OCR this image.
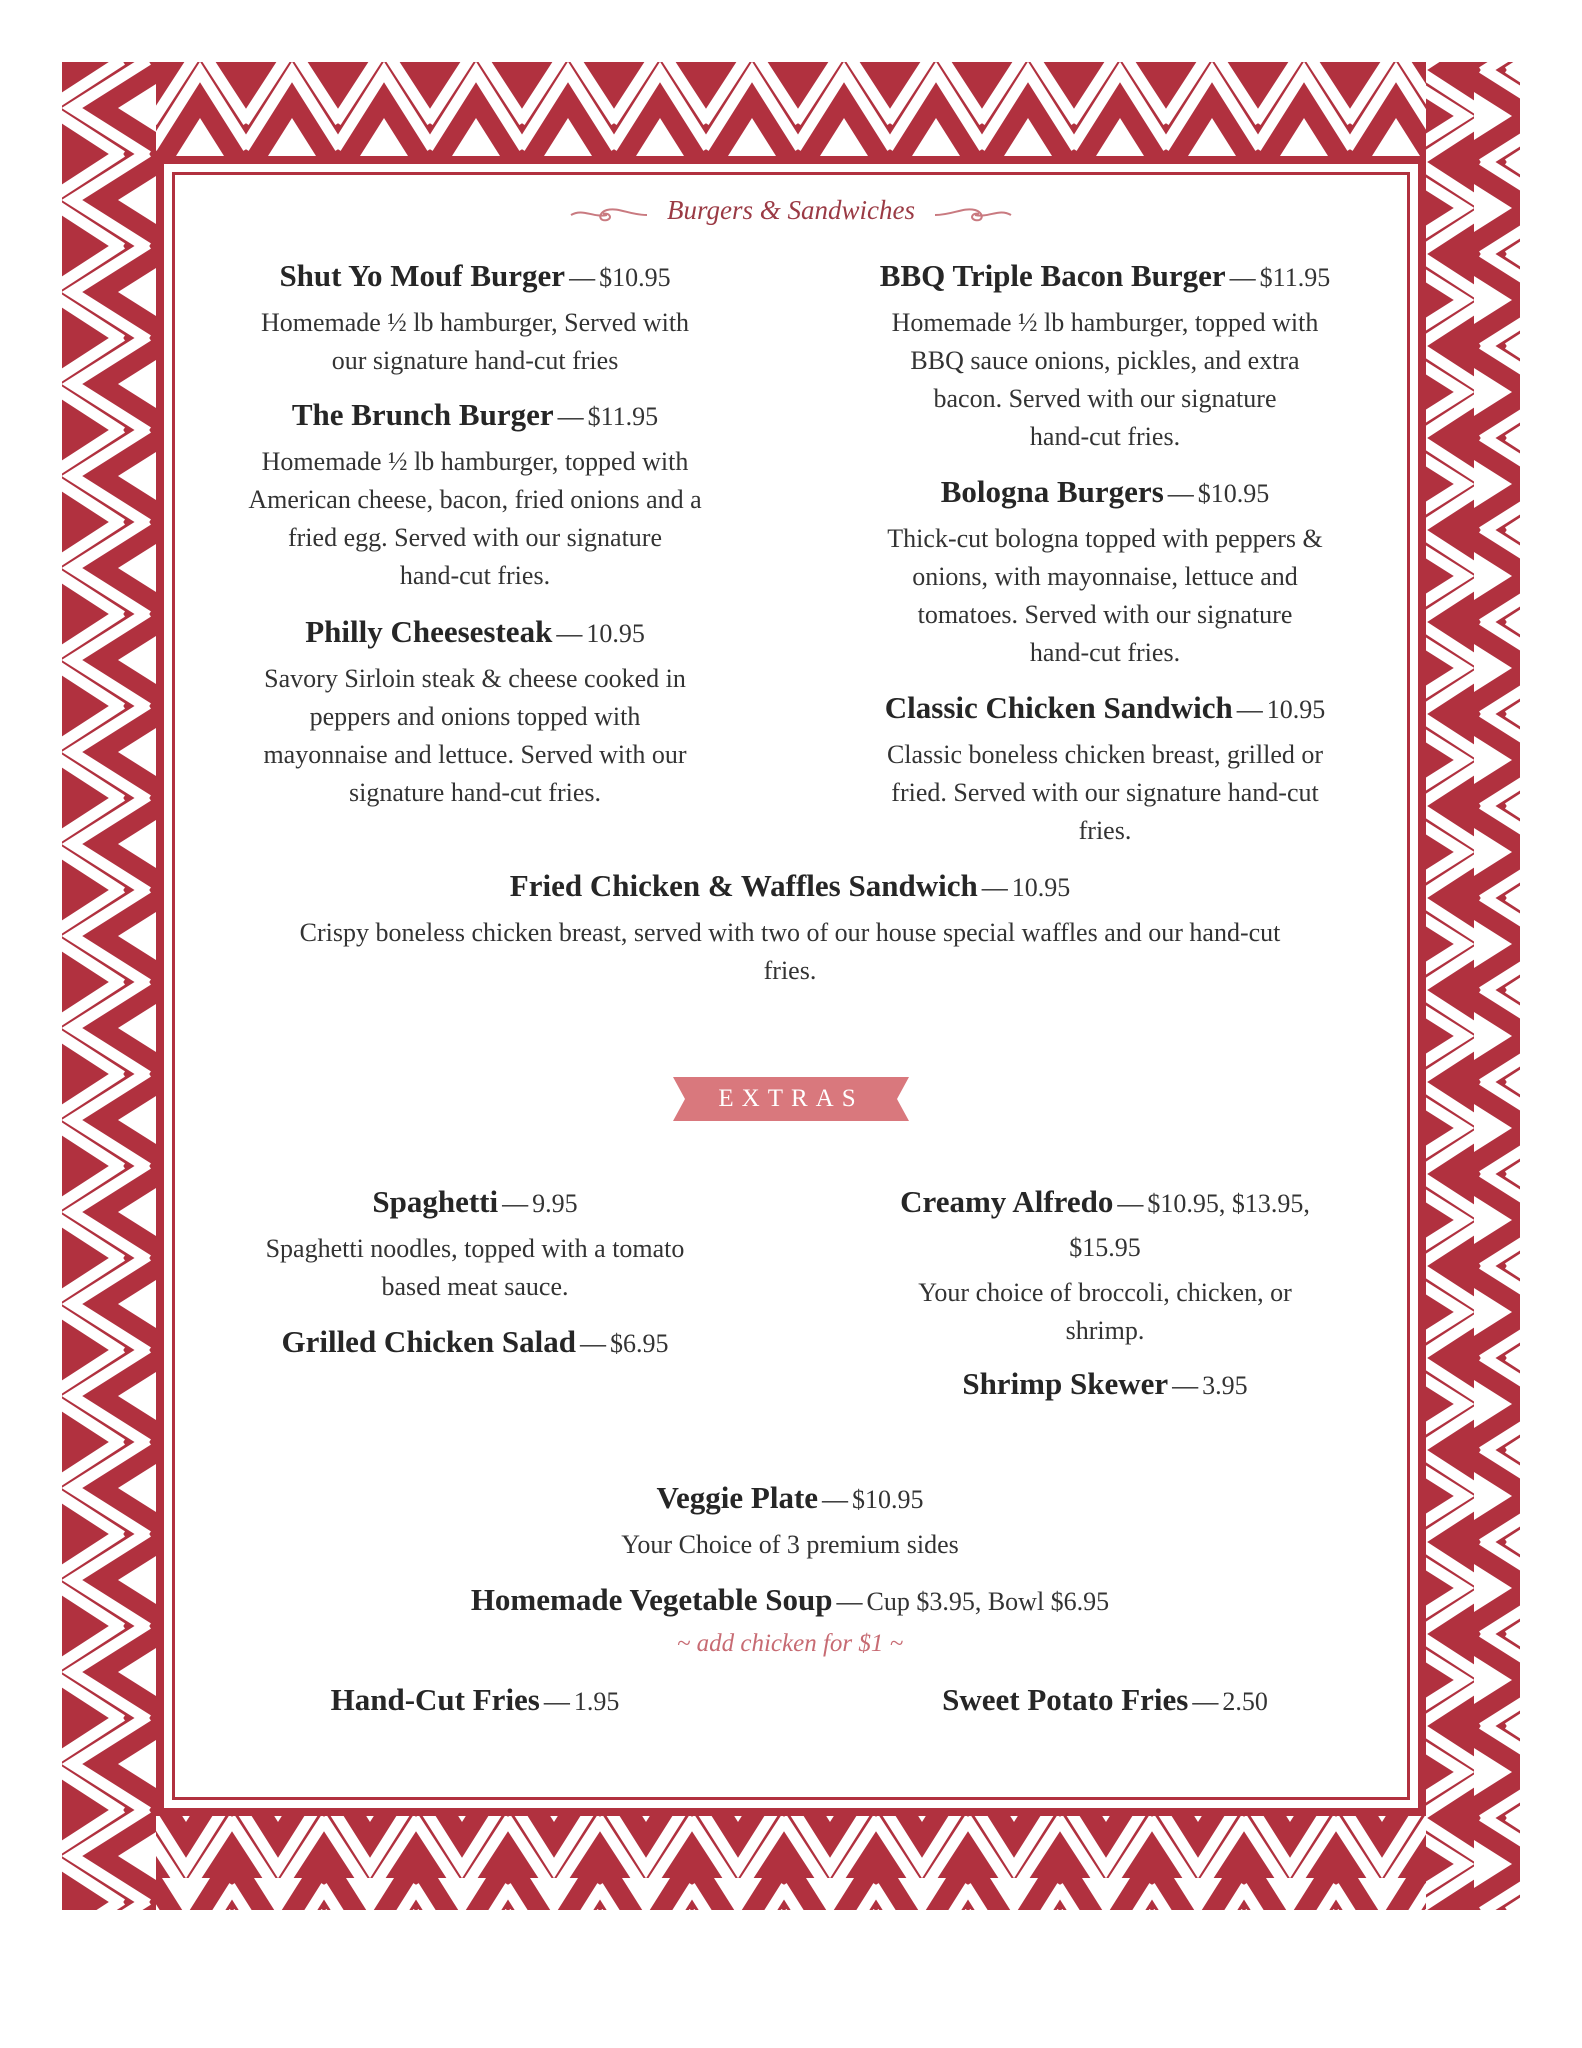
Burgers & Sandwiches
Shut Yo Mouf Burger — $10.95
Homemade ½ lb hamburger, Served with
our signature hand-cut fries
The Brunch Burger — $11.95
Homemade ½ lb hamburger, topped with
American cheese, bacon, fried onions and a
fried egg. Served with our signature
hand-cut fries.
Philly Cheesesteak — 10.95
Savory Sirloin steak & cheese cooked in
peppers and onions topped with
mayonnaise and lettuce. Served with our
signature hand-cut fries.
BBQ Triple Bacon Burger — $11.95
Homemade ½ lb hamburger, topped with
BBQ sauce onions, pickles, and extra
bacon. Served with our signature
hand-cut fries.
Bologna Burgers — $10.95
Thick-cut bologna topped with peppers &
onions, with mayonnaise, lettuce and
tomatoes. Served with our signature
hand-cut fries.
Classic Chicken Sandwich — 10.95
Classic boneless chicken breast, grilled or
fried. Served with our signature hand-cut
fries.
Fried Chicken & Waffles Sandwich — 10.95
Crispy boneless chicken breast, served with two of our house special waffles and our hand-cut
fries.
EXTRAS
Spaghetti — 9.95
Spaghetti noodles, topped with a tomato
based meat sauce.
Grilled Chicken Salad — $6.95
Creamy Alfredo — $10.95, $13.95,
$15.95
Your choice of broccoli, chicken, or
shrimp.
Shrimp Skewer — 3.95
Veggie Plate — $10.95
Your Choice of 3 premium sides
Homemade Vegetable Soup — Cup $3.95, Bowl $6.95
~ add chicken for $1 ~
Hand-Cut Fries — 1.95	Sweet Potato Fries — 2.50
